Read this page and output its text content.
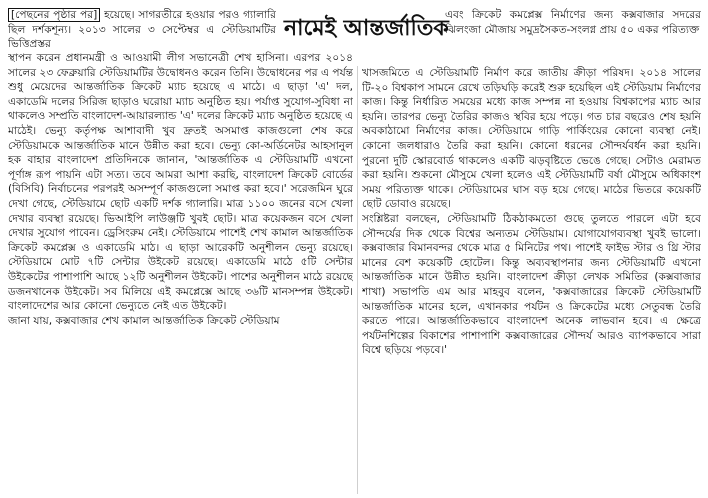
[পেছনের পৃষ্ঠার পর] হয়েছে। সাগরতীরে হওয়ার পরও গ্যালারি ছিল দর্শকশূন্য। ২০১৩ সালের ৩ সেপ্টেম্বর এ স্টেডিয়ামটির ভিত্তিপ্রস্তর

নামেই আন্তর্জাতিক

এবং ক্রিকেট কমপ্লেক্স নির্মাণের জন্য কক্সবাজার সদরের ঝিলংজা মৌজায় সমুদ্রসৈকত-সংলগ্ন প্রায় ৫০ একর পরিত্যক্ত

স্থাপন করেন প্রধানমন্ত্রী ও আওয়ামী লীগ সভানেত্রী শেখ হাসিনা। এরপর ২০১৪ সালের ২৩ ফেব্রুয়ারি স্টেডিয়ামটির উদ্বোধনও করেন তিনি। উদ্বোধনের পর এ পর্যন্ত শুধু মেয়েদের আন্তর্জাতিক ক্রিকেট ম্যাচ হয়েছে এ মাঠে। এ ছাড়া 'এ' দল, একাডেমি দলের সিরিজ ছাড়াও ঘরোয়া ম্যাচ অনুষ্ঠিত হয়। পর্যাপ্ত সুযোগ-সুবিধা না থাকলেও সম্প্রতি বাংলাদেশ-আয়ারল্যান্ড 'এ' দলের ক্রিকেট ম্যাচ অনুষ্ঠিত হয়েছে এ মাঠেই। ভেন্যু কর্তৃপক্ষ আশাবাদী খুব দ্রুতই অসমাপ্ত কাজগুলো শেষ করে স্টেডিয়ামকে আন্তর্জাতিক মানে উন্নীত করা হবে। ভেন্যু কো-অর্ডিনেটর আহসানুল হক বাহার বাংলাদেশ প্রতিদিনকে জানান, 'আন্তর্জাতিক এ স্টেডিয়ামটি এখনো পূর্ণাঙ্গ রূপ পায়নি এটা সত্য। তবে আমরা আশা করছি, বাংলাদেশ ক্রিকেট বোর্ডের (বিসিবি) নির্বাচনের পরপরই অসম্পূর্ণ কাজগুলো সমাপ্ত করা হবে।' সরেজমিন ঘুরে দেখা গেছে, স্টেডিয়ামে ছোট একটি দর্শক গ্যালারি। মাত্র ১১০০ জনের বসে খেলা দেখার ব্যবস্থা রয়েছে। ভিআইপি লাউঞ্জটি খুবই ছোট। মাত্র কয়েকজন বসে খেলা দেখার সুযোগ পাবেন। ড্রেসিংরুম নেই। স্টেডিয়ামে পাশেই শেখ কামাল আন্তর্জাতিক ক্রিকেট কমপ্লেক্স ও একাডেমি মাঠ। এ ছাড়া আরেকটি অনুশীলন ভেন্যু রয়েছে। স্টেডিয়ামে মোট ৭টি সেন্টার উইকেট রয়েছে। একাডেমি মাঠে ৫টি সেন্টার উইকেটের পাশাপাশি আছে ১২টি অনুশীলন উইকেট। পাশের অনুশীলন মাঠে রয়েছে ডজনখানেক উইকেট। সব মিলিয়ে এই কমপ্লেক্সে আছে ৩৬টি মানসম্পন্ন উইকেট। বাংলাদেশের আর কোনো ভেন্যুতে নেই এত উইকেট।

জানা যায়, কক্সবাজার শেখ কামাল আন্তর্জাতিক ক্রিকেট স্টেডিয়াম

খাসজমিতে এ স্টেডিয়ামটি নির্মাণ করে জাতীয় ক্রীড়া পরিষদ। ২০১৪ সালের টি-২০ বিশ্বকাপ সামনে রেখে তড়িঘড়ি করেই শুরু হয়েছিল এই স্টেডিয়াম নির্মাণের কাজ। কিন্তু নির্ধারিত সময়ের মধ্যে কাজ সম্পন্ন না হওয়ায় বিশ্বকাপের ম্যাচ আর হয়নি। তারপর ভেন্যু তৈরির কাজও স্থবির হয়ে পড়ে। গত চার বছরেও শেষ হয়নি অবকাঠামো নির্মাণের কাজ। স্টেডিয়ামে গাড়ি পার্কিংয়ের কোনো ব্যবস্থা নেই। কোনো জলধারাও তৈরি করা হয়নি। কোনো ধরনের সৌন্দর্যবর্ধন করা হয়নি। পুরনো দুটি স্কোরবোর্ড থাকলেও একটি ঝড়বৃষ্টিতে ভেঙে গেছে। সেটাও মেরামত করা হয়নি। শুকনো মৌসুমে খেলা হলেও এই স্টেডিয়ামটি বর্ষা মৌসুমে অধিকাংশ সময় পরিত্যক্ত থাকে। স্টেডিয়ামের ঘাস বড় হয়ে গেছে। মাঠের ভিতরে কয়েকটি ছোট ডোবাও রয়েছে।

সংশ্লিষ্টরা বলছেন, স্টেডিয়ামটি ঠিকঠাকমতো গুছে তুলতে পারলে এটা হবে সৌন্দর্যের দিক থেকে বিশ্বের অন্যতম স্টেডিয়াম। যোগাযোগব্যবস্থা খুবই ভালো। কক্সবাজার বিমানবন্দর থেকে মাত্র ৫ মিনিটের পথ। পাশেই ফাইভ স্টার ও থ্রি স্টার মানের বেশ কয়েকটি হোটেল। কিন্তু অব্যবস্থাপনার জন্য স্টেডিয়ামটি এখনো আন্তর্জাতিক মানে উন্নীত হয়নি। বাংলাদেশ ক্রীড়া লেখক সমিতির (কক্সবাজার শাখা) সভাপতি এম আর মাহবুব বলেন, 'কক্সবাজারের ক্রিকেট স্টেডিয়ামটি আন্তর্জাতিক মানের হলে, এখানকার পর্যটন ও ক্রিকেটের মধ্যে সেতুবন্ধ তৈরি করতে পারে। আন্তর্জাতিকভাবে বাংলাদেশ অনেক লাভবান হবে। এ ক্ষেত্রে পর্যটনশিল্পের বিকাশের পাশাপাশি কক্সবাজারের সৌন্দর্য আরও ব্যাপকভাবে সারা বিশ্বে ছড়িয়ে পড়বে।'
